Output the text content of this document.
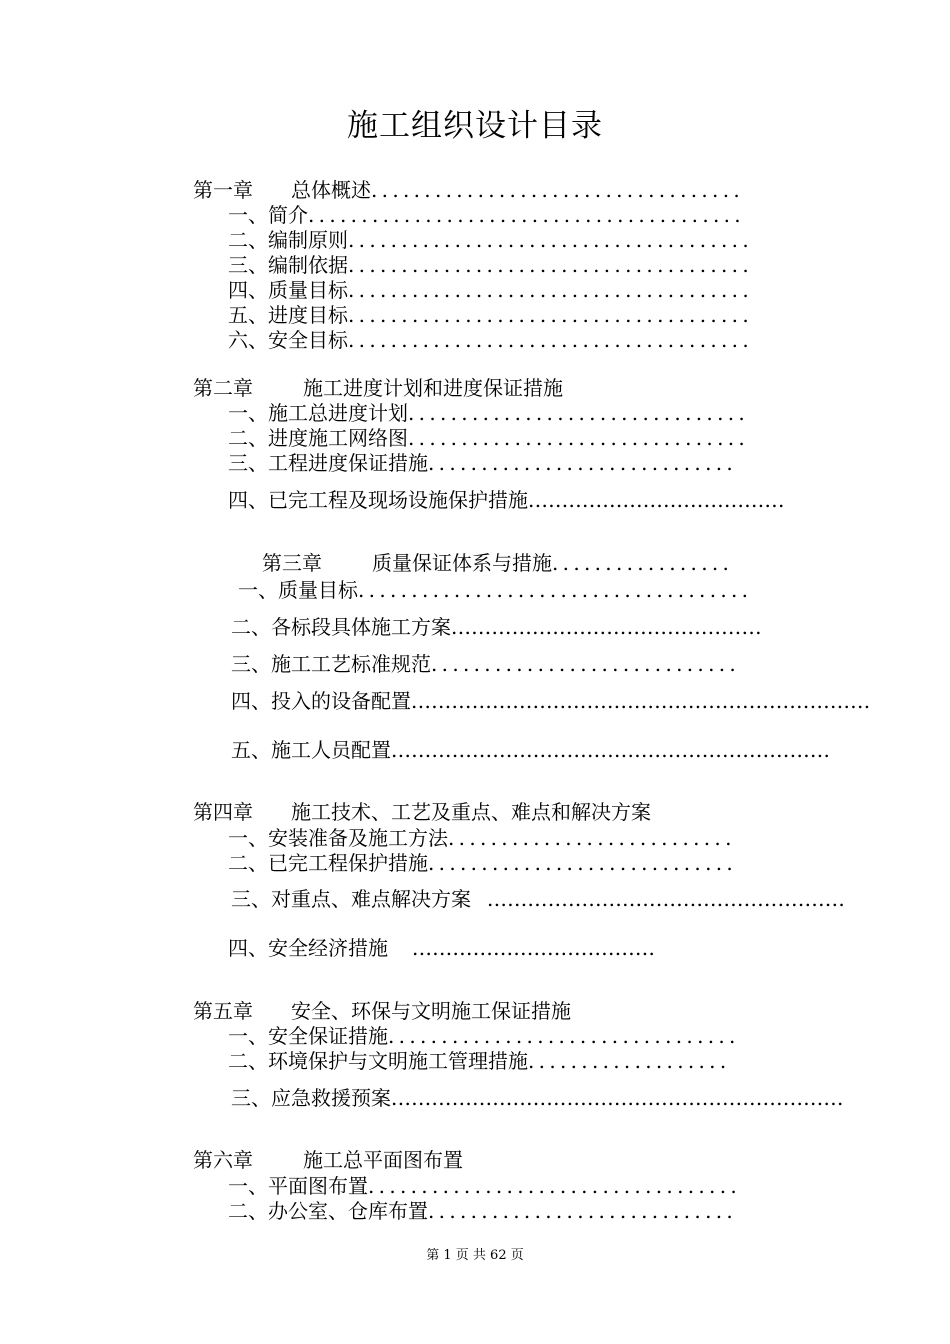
施工组织设计目录
第一章 总体概述...................................
一、简介.........................................
二、编制原则......................................
三、编制依据......................................
四、质量目标......................................
五、进度目标......................................
六、安全目标......................................
第二章	施工进度计划和进度保证措施
一、施工总进度计划................................
二、进度施工网络图................................
三、工程进度保证措施.............................
四、已完工程及现场设施保护措施......................................
第三章	质量保证体系与措施.................
一、质量目标.....................................
二、各标段具体施工方案..............................................
三、施工工艺标准规范.............................
四、投入的设备配置....................................................................
五、施工人员配置.................................................................
第四章 施工技术、工艺及重点、难点和解决方案
一、安装准备及施工方法...........................
二、已完工程保护措施.............................
三、对重点、难点解决方案 .....................................................
四、安全经济措施 ....................................
第五章 安全、环保与文明施工保证措施
一、安全保证措施.................................
二、环境保护与文明施工管理措施...................
三、应急救援预案...................................................................
第六章	施工总平面图布置
一、平面图布置...................................
二、办公室、仓库布置.............................
第 1 页 共 62 页
